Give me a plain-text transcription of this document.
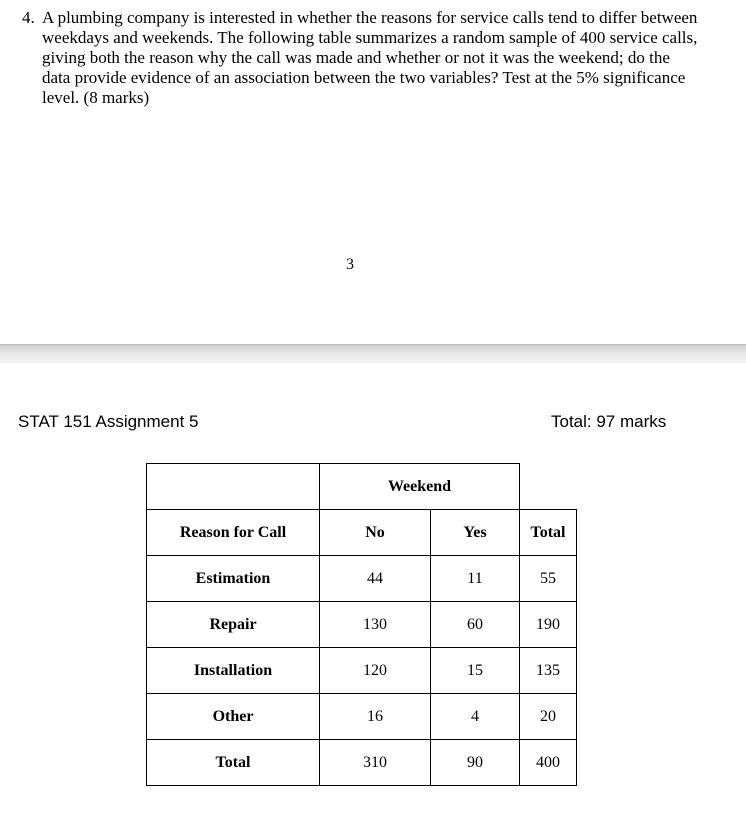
4. A plumbing company is interested in whether the reasons for service calls tend to differ between weekdays and weekends. The following table summarizes a random sample of 400 service calls, giving both the reason why the call was made and whether or not it was the weekend; do the data provide evidence of an association between the two variables? Test at the 5% significance level. (8 marks)
3
STAT 151 Assignment 5	Total: 97 marks
	Weekend		
Reason for Call	No	Yes	Total
Estimation	44	11	55
Repair	130	60	190
Installation	120	15	135
Other	16	4	20
Total	310	90	400
